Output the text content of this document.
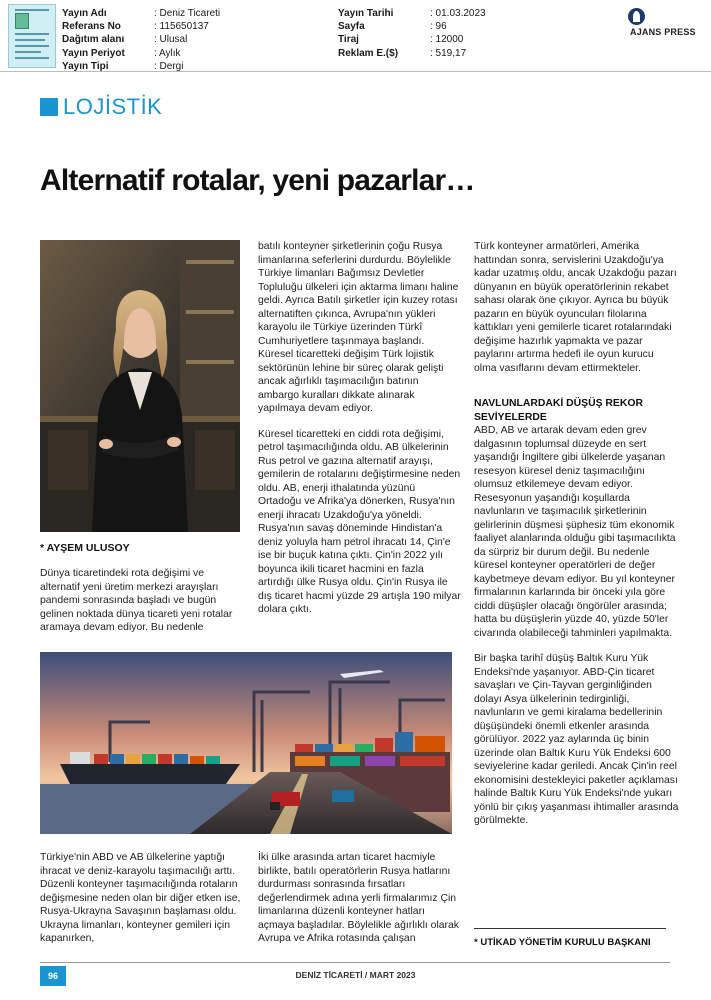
Yayın Adı	: Deniz Ticareti
Referans No	: 115650137
Dağıtım alanı	: Ulusal
Yayın Periyot	: Aylık
Yayın Tipi	: Dergi
Yayın Tarihi	: 01.03.2023
Sayfa	: 96
Tiraj	: 12000
Reklam E.($)	: 519,17
AJANS PRESS
LOJİSTİK
Alternatif rotalar, yeni pazarlar…
* AYŞEM ULUSOY

Dünya ticaretindeki rota değişimi ve alternatif yeni üretim merkezi arayışları pandemi sonrasında başladı ve bugün gelinen noktada dünya ticareti yeni rotalar aramaya devam ediyor. Bu nedenle

batılı konteyner şirketlerinin çoğu Rusya limanlarına seferlerini durdurdu. Böylelikle Türkiye limanları Bağımsız Devletler Topluluğu ülkeleri için aktarma limanı haline geldi. Ayrıca Batılı şirketler için kuzey rotası alternatiften çıkınca, Avrupa'nın yükleri karayolu ile Türkiye üzerinden Türkî Cumhuriyetlere taşınmaya başlandı. Küresel ticaretteki değişim Türk lojistik sektörünün lehine bir süreç olarak gelişti ancak ağırlıklı taşımacılığın batının ambargo kuralları dikkate alınarak yapılmaya devam ediyor.

Küresel ticaretteki en ciddi rota değişimi, petrol taşımacılığında oldu. AB ülkelerinin Rus petrol ve gazına alternatif arayışı, gemilerin de rotalarını değiştirmesine neden oldu. AB, enerji ithalatında yüzünü Ortadoğu ve Afrika'ya dönerken, Rusya'nın enerji ihracatı Uzakdoğu'ya yöneldi. Rusya'nın savaş döneminde Hindistan'a deniz yoluyla ham petrol ihracatı 14, Çin'e ise bir buçuk katına çıktı. Çin'in 2022 yılı boyunca ikili ticaret hacmini en fazla artırdığı ülke Rusya oldu. Çin'in Rusya ile dış ticaret hacmi yüzde 29 artışla 190 milyar dolara çıktı.

Türk konteyner armatörleri, Amerika hattından sonra, servislerini Uzakdoğu'ya kadar uzatmış oldu, ancak Uzakdoğu pazarı dünyanın en büyük operatörlerinin rekabet sahası olarak öne çıkıyor. Ayrıca bu büyük pazarın en büyük oyuncuları filolarına kattıkları yeni gemilerle ticaret rotalarındaki değişime hazırlık yapmakta ve pazar paylarını artırma hedefi ile oyun kurucu olma vasıflarını devam ettirmekteler.

NAVLUNLARDAKİ DÜŞÜŞ REKOR SEVİYELERDE

ABD, AB ve artarak devam eden grev dalgasının toplumsal düzeyde en sert yaşandığı İngiltere gibi ülkelerde yaşanan resesyon küresel deniz taşımacılığını olumsuz etkilemeye devam ediyor. Resesyonun yaşandığı koşullarda navlunların ve taşımacılık şirketlerinin gelirlerinin düşmesi şüphesiz tüm ekonomik faaliyet alanlarında olduğu gibi taşımacılıkta da sürpriz bir durum değil. Bu nedenle küresel konteyner operatörleri de değer kaybetmeye devam ediyor. Bu yıl konteyner firmalarının karlarında bir önceki yıla göre ciddi düşüşler olacağı öngörüler arasında; hatta bu düşüşlerin yüzde 40, yüzde 50'ler civarında olabileceği tahminleri yapılmakta.

Bir başka tarihî düşüş Baltık Kuru Yük Endeksi'nde yaşanıyor. ABD-Çin ticaret savaşları ve Çin-Tayvan gerginliğinden dolayı Asya ülkelerinin tedirginliği, navlunların ve gemi kiralama bedellerinin düşüşündeki önemli etkenler arasında görülüyor. 2022 yaz aylarında üç binin üzerinde olan Baltık Kuru Yük Endeksi 600 seviyelerine kadar geriledi. Ancak Çin'in reel ekonomisini destekleyici paketler açıklaması halinde Baltık Kuru Yük Endeksi'nde yukarı yönlü bir çıkış yaşanması ihtimaller arasında görülmekte.

Türkiye'nin ABD ve AB ülkelerine yaptığı ihracat ve deniz-karayolu taşımacılığı arttı. Düzenli konteyner taşımacılığında rotaların değişmesine neden olan bir diğer etken ise, Rusya-Ukrayna Savaşının başlaması oldu. Ukrayna limanları, konteyner gemileri için kapanırken,

İki ülke arasında artan ticaret hacmiyle birlikte, batılı operatörlerin Rusya hatlarını durdurması sonrasında fırsatları değerlendirmek adına yerli firmalarımız Çin limanlarına düzenli konteyner hatları açmaya başladılar. Böylelikle ağırlıklı olarak Avrupa ve Afrika rotasında çalışan	* UTİKAD YÖNETİM KURULU BAŞKANI
96	DENİZ TİCARETİ / MART 2023
